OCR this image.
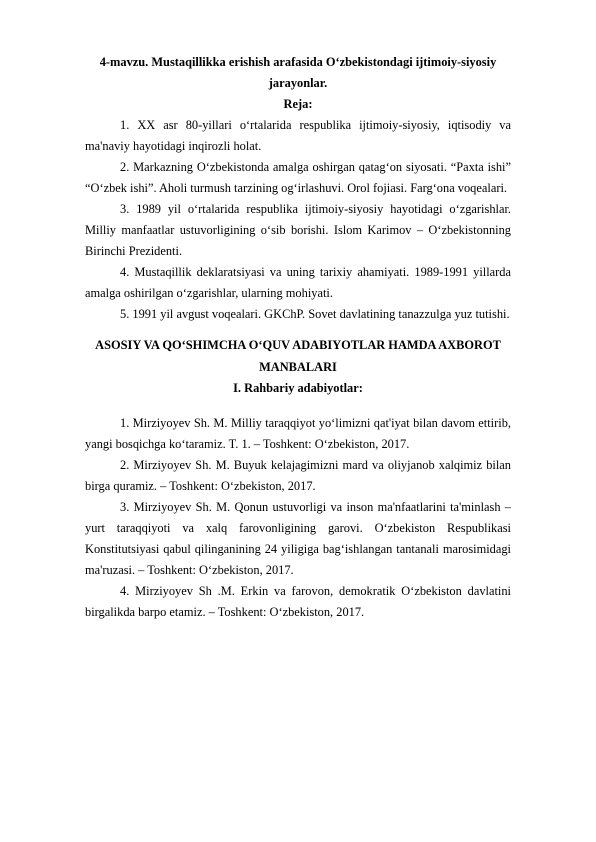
4-mavzu. Mustaqillikka erishish arafasida O‘zbekistondagi ijtimoiy-siyosiy jarayonlar.

Reja:

1. XX asr 80-yillari o‘rtalarida respublika ijtimoiy-siyosiy, iqtisodiy va ma'naviy hayotidagi inqirozli holat.

2. Markazning O‘zbekistonda amalga oshirgan qatag‘on siyosati. “Paxta ishi” “O‘zbek ishi”. Aholi turmush tarzining og‘irlashuvi. Orol fojiasi. Farg‘ona voqealari.

3. 1989 yil o‘rtalarida respublika ijtimoiy-siyosiy hayotidagi o‘zgarishlar. Milliy manfaatlar ustuvorligining o‘sib borishi. Islom Karimov – O‘zbekistonning Birinchi Prezidenti.

4. Mustaqillik deklaratsiyasi va uning tarixiy ahamiyati. 1989-1991 yillarda amalga oshirilgan o‘zgarishlar, ularning mohiyati.

5. 1991 yil avgust voqealari. GKChP. Sovet davlatining tanazzulga yuz tutishi.

ASOSIY VA QO‘SHIMCHA O‘QUV ADABIYOTLAR HAMDA AXBOROT MANBALARI

I. Rahbariy adabiyotlar:

1. Mirziyoyev Sh. M. Milliy taraqqiyot yo‘limizni qat'iyat bilan davom ettirib, yangi bosqichga ko‘taramiz. T. 1. – Toshkent: O‘zbekiston, 2017.

2. Mirziyoyev Sh. M. Buyuk kelajagimizni mard va oliyjanob xalqimiz bilan birga quramiz. – Toshkent: O‘zbekiston, 2017.

3. Mirziyoyev Sh. M. Qonun ustuvorligi va inson ma'nfaatlarini ta'minlash – yurt taraqqiyoti va xalq farovonligining garovi. O‘zbekiston Respublikasi Konstitutsiyasi qabul qilinganining 24 yiligiga bag‘ishlangan tantanali marosimidagi ma'ruzasi. – Toshkent: O‘zbekiston, 2017.

4. Mirziyoyev Sh .M. Erkin va farovon, demokratik O‘zbekiston davlatini birgalikda barpo etamiz. – Toshkent: O‘zbekiston, 2017.
